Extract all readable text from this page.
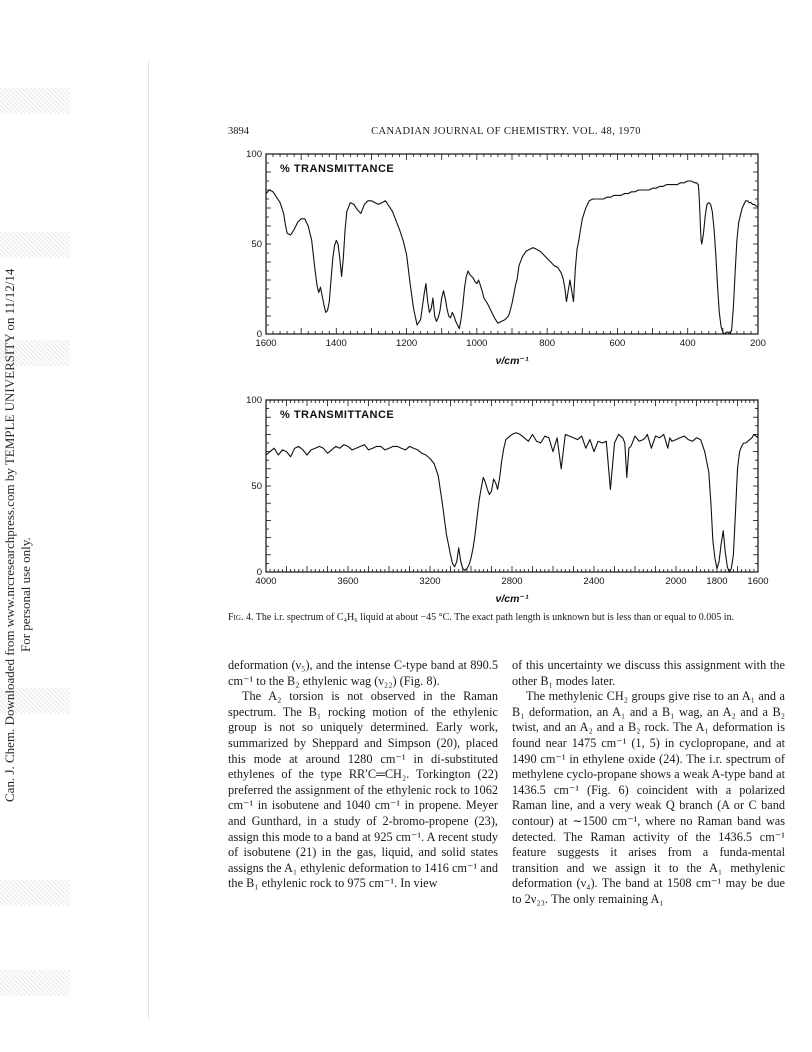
Can. J. Chem. Downloaded from www.nrcresearchpress.com by TEMPLE UNIVERSITY on 11/12/14 For personal use only.
3894	CANADIAN JOURNAL OF CHEMISTRY. VOL. 48, 1970
1600	1400	1200	1000	800	600	400	200
0
50
100
% TRANSMITTANCE
ν/cm⁻¹
4000	3600	3200	2800	2400	2000 1800 1600
0
50
100
% TRANSMITTANCE
ν/cm⁻¹
Fig. 4. The i.r. spectrum of C₄H₆ liquid at about −45 °C. The exact path length is unknown but is less than or equal to 0.005 in.

deformation (ν₅), and the intense C-type band at 890.5 cm⁻¹ to the B₂ ethylenic wag (ν₂₂) (Fig. 8).

The A₂ torsion is not observed in the Raman spectrum. The B₁ rocking motion of the ethylenic group is not so uniquely determined. Early work, summarized by Sheppard and Simpson (20), placed this mode at around 1280 cm⁻¹ in di-substituted ethylenes of the type RR′C═CH₂. Torkington (22) preferred the assignment of the ethylenic rock to 1062 cm⁻¹ in isobutene and 1040 cm⁻¹ in propene. Meyer and Gunthard, in a study of 2-bromo-propene (23), assign this mode to a band at 925 cm⁻¹. A recent study of isobutene (21) in the gas, liquid, and solid states assigns the A₁ ethylenic deformation to 1416 cm⁻¹ and the B₁ ethylenic rock to 975 cm⁻¹. In view

of this uncertainty we discuss this assignment with the other B₁ modes later.

The methylenic CH₂ groups give rise to an A₁ and a B₁ deformation, an A₁ and a B₁ wag, an A₂ and a B₂ twist, and an A₂ and a B₂ rock. The A₁ deformation is found near 1475 cm⁻¹ (1, 5) in cyclopropane, and at 1490 cm⁻¹ in ethylene oxide (24). The i.r. spectrum of methylene cyclo-propane shows a weak A-type band at 1436.5 cm⁻¹ (Fig. 6) coincident with a polarized Raman line, and a very weak Q branch (A or C band contour) at ∼1500 cm⁻¹, where no Raman band was detected. The Raman activity of the 1436.5 cm⁻¹ feature suggests it arises from a funda-mental transition and we assign it to the A₁ methylenic deformation (ν₄). The band at 1508 cm⁻¹ may be due to 2ν₂₃. The only remaining A₁
